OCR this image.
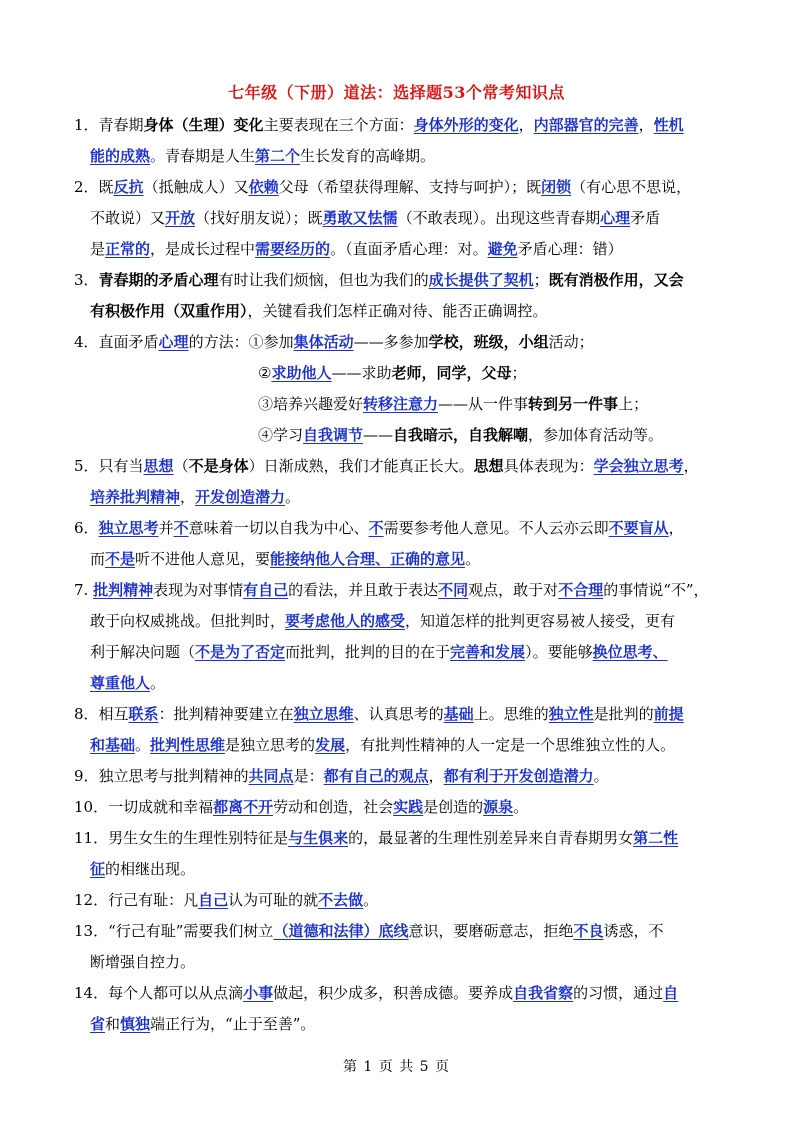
七年级（下册）道法：选择题53个常考知识点
1．青春期身体（生理）变化主要表现在三个方面：身体外形的变化，内部器官的完善，性机
能的成熟。青春期是人生第二个生长发育的高峰期。
2．既反抗（抵触成人）又依赖父母（希望获得理解、支持与呵护）；既闭锁（有心思不思说，
不敢说）又开放（找好朋友说）；既勇敢又怯懦（不敢表现）。出现这些青春期心理矛盾
是正常的，是成长过程中需要经历的。（直面矛盾心理：对。避免矛盾心理：错）
3．青春期的矛盾心理有时让我们烦恼，但也为我们的成长提供了契机；既有消极作用，又会
有积极作用（双重作用），关键看我们怎样正确对待、能否正确调控。
4．直面矛盾心理的方法：①参加集体活动——多参加学校，班级，小组活动；
②求助他人——求助老师，同学，父母；
③培养兴趣爱好转移注意力——从一件事转到另一件事上；
④学习自我调节——自我暗示，自我解嘲，参加体育活动等。
5．只有当思想（不是身体）日渐成熟，我们才能真正长大。思想具体表现为：学会独立思考，
培养批判精神，开发创造潜力。
6．独立思考并不意味着一切以自我为中心、不需要参考他人意见。不人云亦云即不要盲从，
而不是听不进他人意见，要能接纳他人合理、正确的意见。
7. 批判精神表现为对事情有自己的看法，并且敢于表达不同观点，敢于对不合理的事情说“不”，
敢于向权威挑战。但批判时，要考虑他人的感受，知道怎样的批判更容易被人接受，更有
利于解决问题（不是为了否定而批判，批判的目的在于完善和发展）。要能够换位思考、
尊重他人。
8．相互联系：批判精神要建立在独立思维、认真思考的基础上。思维的独立性是批判的前提
和基础。批判性思维是独立思考的发展，有批判性精神的人一定是一个思维独立性的人。
9．独立思考与批判精神的共同点是：都有自己的观点，都有利于开发创造潜力。
10．一切成就和幸福都离不开劳动和创造，社会实践是创造的源泉。
11．男生女生的生理性别特征是与生俱来的，最显著的生理性别差异来自青春期男女第二性
征的相继出现。
12．行己有耻：凡自己认为可耻的就不去做。
13．“行己有耻”需要我们树立（道德和法律）底线意识，要磨砺意志，拒绝不良诱惑，不
断增强自控力。
14．每个人都可以从点滴小事做起，积少成多，积善成德。要养成自我省察的习惯，通过自
省和慎独端正行为，“止于至善”。
第 1 页 共 5 页
